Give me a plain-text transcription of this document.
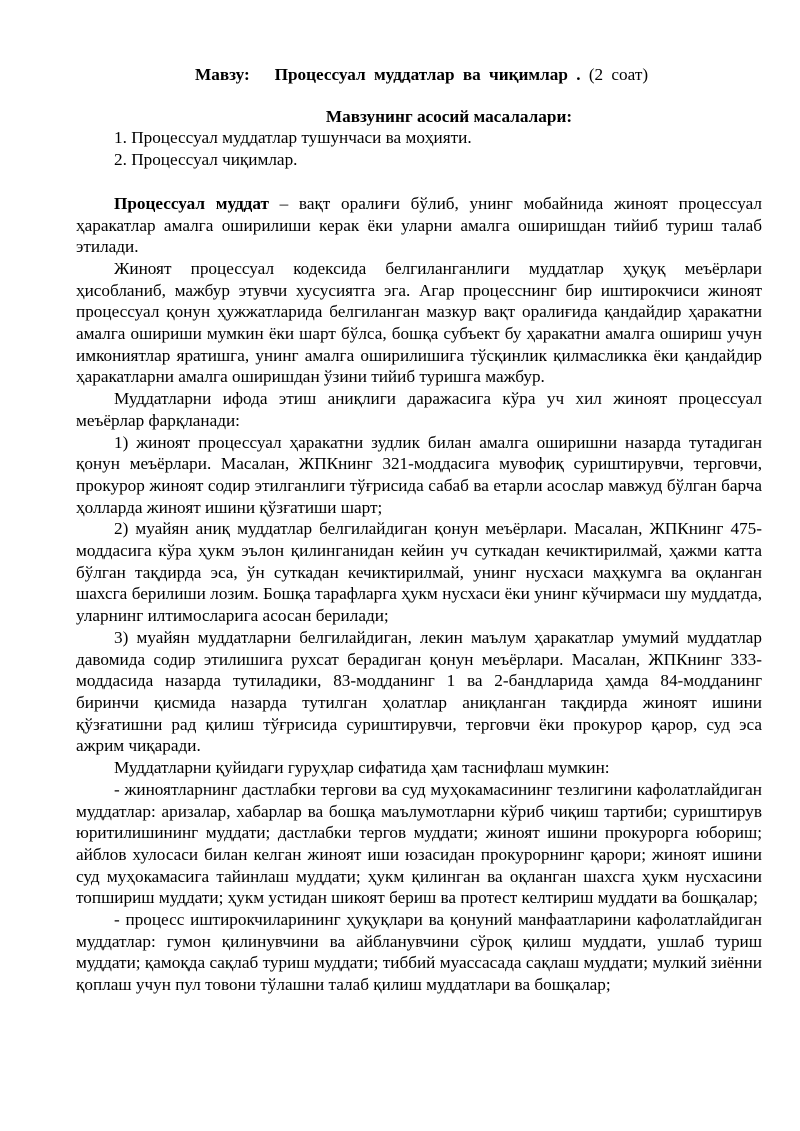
Мавзу: Процессуал муддатлар ва чиқимлар . (2 соат)

Мавзунинг асосий масалалари:

1. Процессуал муддатлар тушунчаси ва моҳияти.

2. Процессуал чиқимлар.

Процессуал муддат – вақт оралиғи бўлиб, унинг мобайнида жиноят процессуал ҳаракатлар амалга оширилиши керак ёки уларни амалга оширишдан тийиб туриш талаб этилади.

Жиноят процессуал кодексида белгиланганлиги муддатлар ҳуқуқ меъёрлари ҳисобланиб, мажбур этувчи хусусиятга эга. Агар процесснинг бир иштирокчиси жиноят процессуал қонун ҳужжатларида белгиланган мазкур вақт оралиғида қандайдир ҳаракатни амалга ошириши мумкин ёки шарт бўлса, бошқа субъект бу ҳаракатни амалга ошириш учун имкониятлар яратишга, унинг амалга оширилишига тўсқинлик қилмасликка ёки қандайдир ҳаракатларни амалга оширишдан ўзини тийиб туришга мажбур.

Муддатларни ифода этиш аниқлиги даражасига кўра уч хил жиноят процессуал меъёрлар фарқланади:

1) жиноят процессуал ҳаракатни зудлик билан амалга оширишни назарда тутадиган қонун меъёрлари. Масалан, ЖПКнинг 321-моддасига мувофиқ суриштирувчи, терговчи, прокурор жиноят содир этилганлиги тўғрисида сабаб ва етарли асослар мавжуд бўлган барча ҳолларда жиноят ишини қўзғатиши шарт;

2) муайян аниқ муддатлар белгилайдиган қонун меъёрлари. Масалан, ЖПКнинг 475-моддасига кўра ҳукм эълон қилинганидан кейин уч суткадан кечиктирилмай, ҳажми катта бўлган тақдирда эса, ўн суткадан кечиктирилмай, унинг нусхаси маҳкумга ва оқланган шахсга берилиши лозим. Бошқа тарафларга ҳукм нусхаси ёки унинг кўчирмаси шу муддатда, уларнинг илтимосларига асосан берилади;

3) муайян муддатларни белгилайдиган, лекин маълум ҳаракатлар умумий муддатлар давомида содир этилишига рухсат берадиган қонун меъёрлари. Масалан, ЖПКнинг 333-моддасида назарда тутиладики, 83-модданинг 1 ва 2-бандларида ҳамда 84-модданинг биринчи қисмида назарда тутилган ҳолатлар аниқланган тақдирда жиноят ишини қўзғатишни рад қилиш тўғрисида суриштирувчи, терговчи ёки прокурор қарор, суд эса ажрим чиқаради.

Муддатларни қуйидаги гуруҳлар сифатида ҳам таснифлаш мумкин:

- жиноятларнинг дастлабки тергови ва суд муҳокамасининг тезлигини кафолатлайдиган муддатлар: аризалар, хабарлар ва бошқа маълумотларни кўриб чиқиш тартиби; суриштирув юритилишининг муддати; дастлабки тергов муддати; жиноят ишини прокурорга юбориш; айблов хулосаси билан келган жиноят иши юзасидан прокурорнинг қарори; жиноят ишини суд муҳокамасига тайинлаш муддати; ҳукм қилинган ва оқланган шахсга ҳукм нусхасини топшириш муддати; ҳукм устидан шикоят бериш ва протест келтириш муддати ва бошқалар;

- процесс иштирокчиларининг ҳуқуқлари ва қонуний манфаатларини кафолатлайдиган муддатлар: гумон қилинувчини ва айбланувчини сўроқ қилиш муддати, ушлаб туриш муддати; қамоқда сақлаб туриш муддати; тиббий муассасада сақлаш муддати; мулкий зиённи қоплаш учун пул товони тўлашни талаб қилиш муддатлари ва бошқалар;
